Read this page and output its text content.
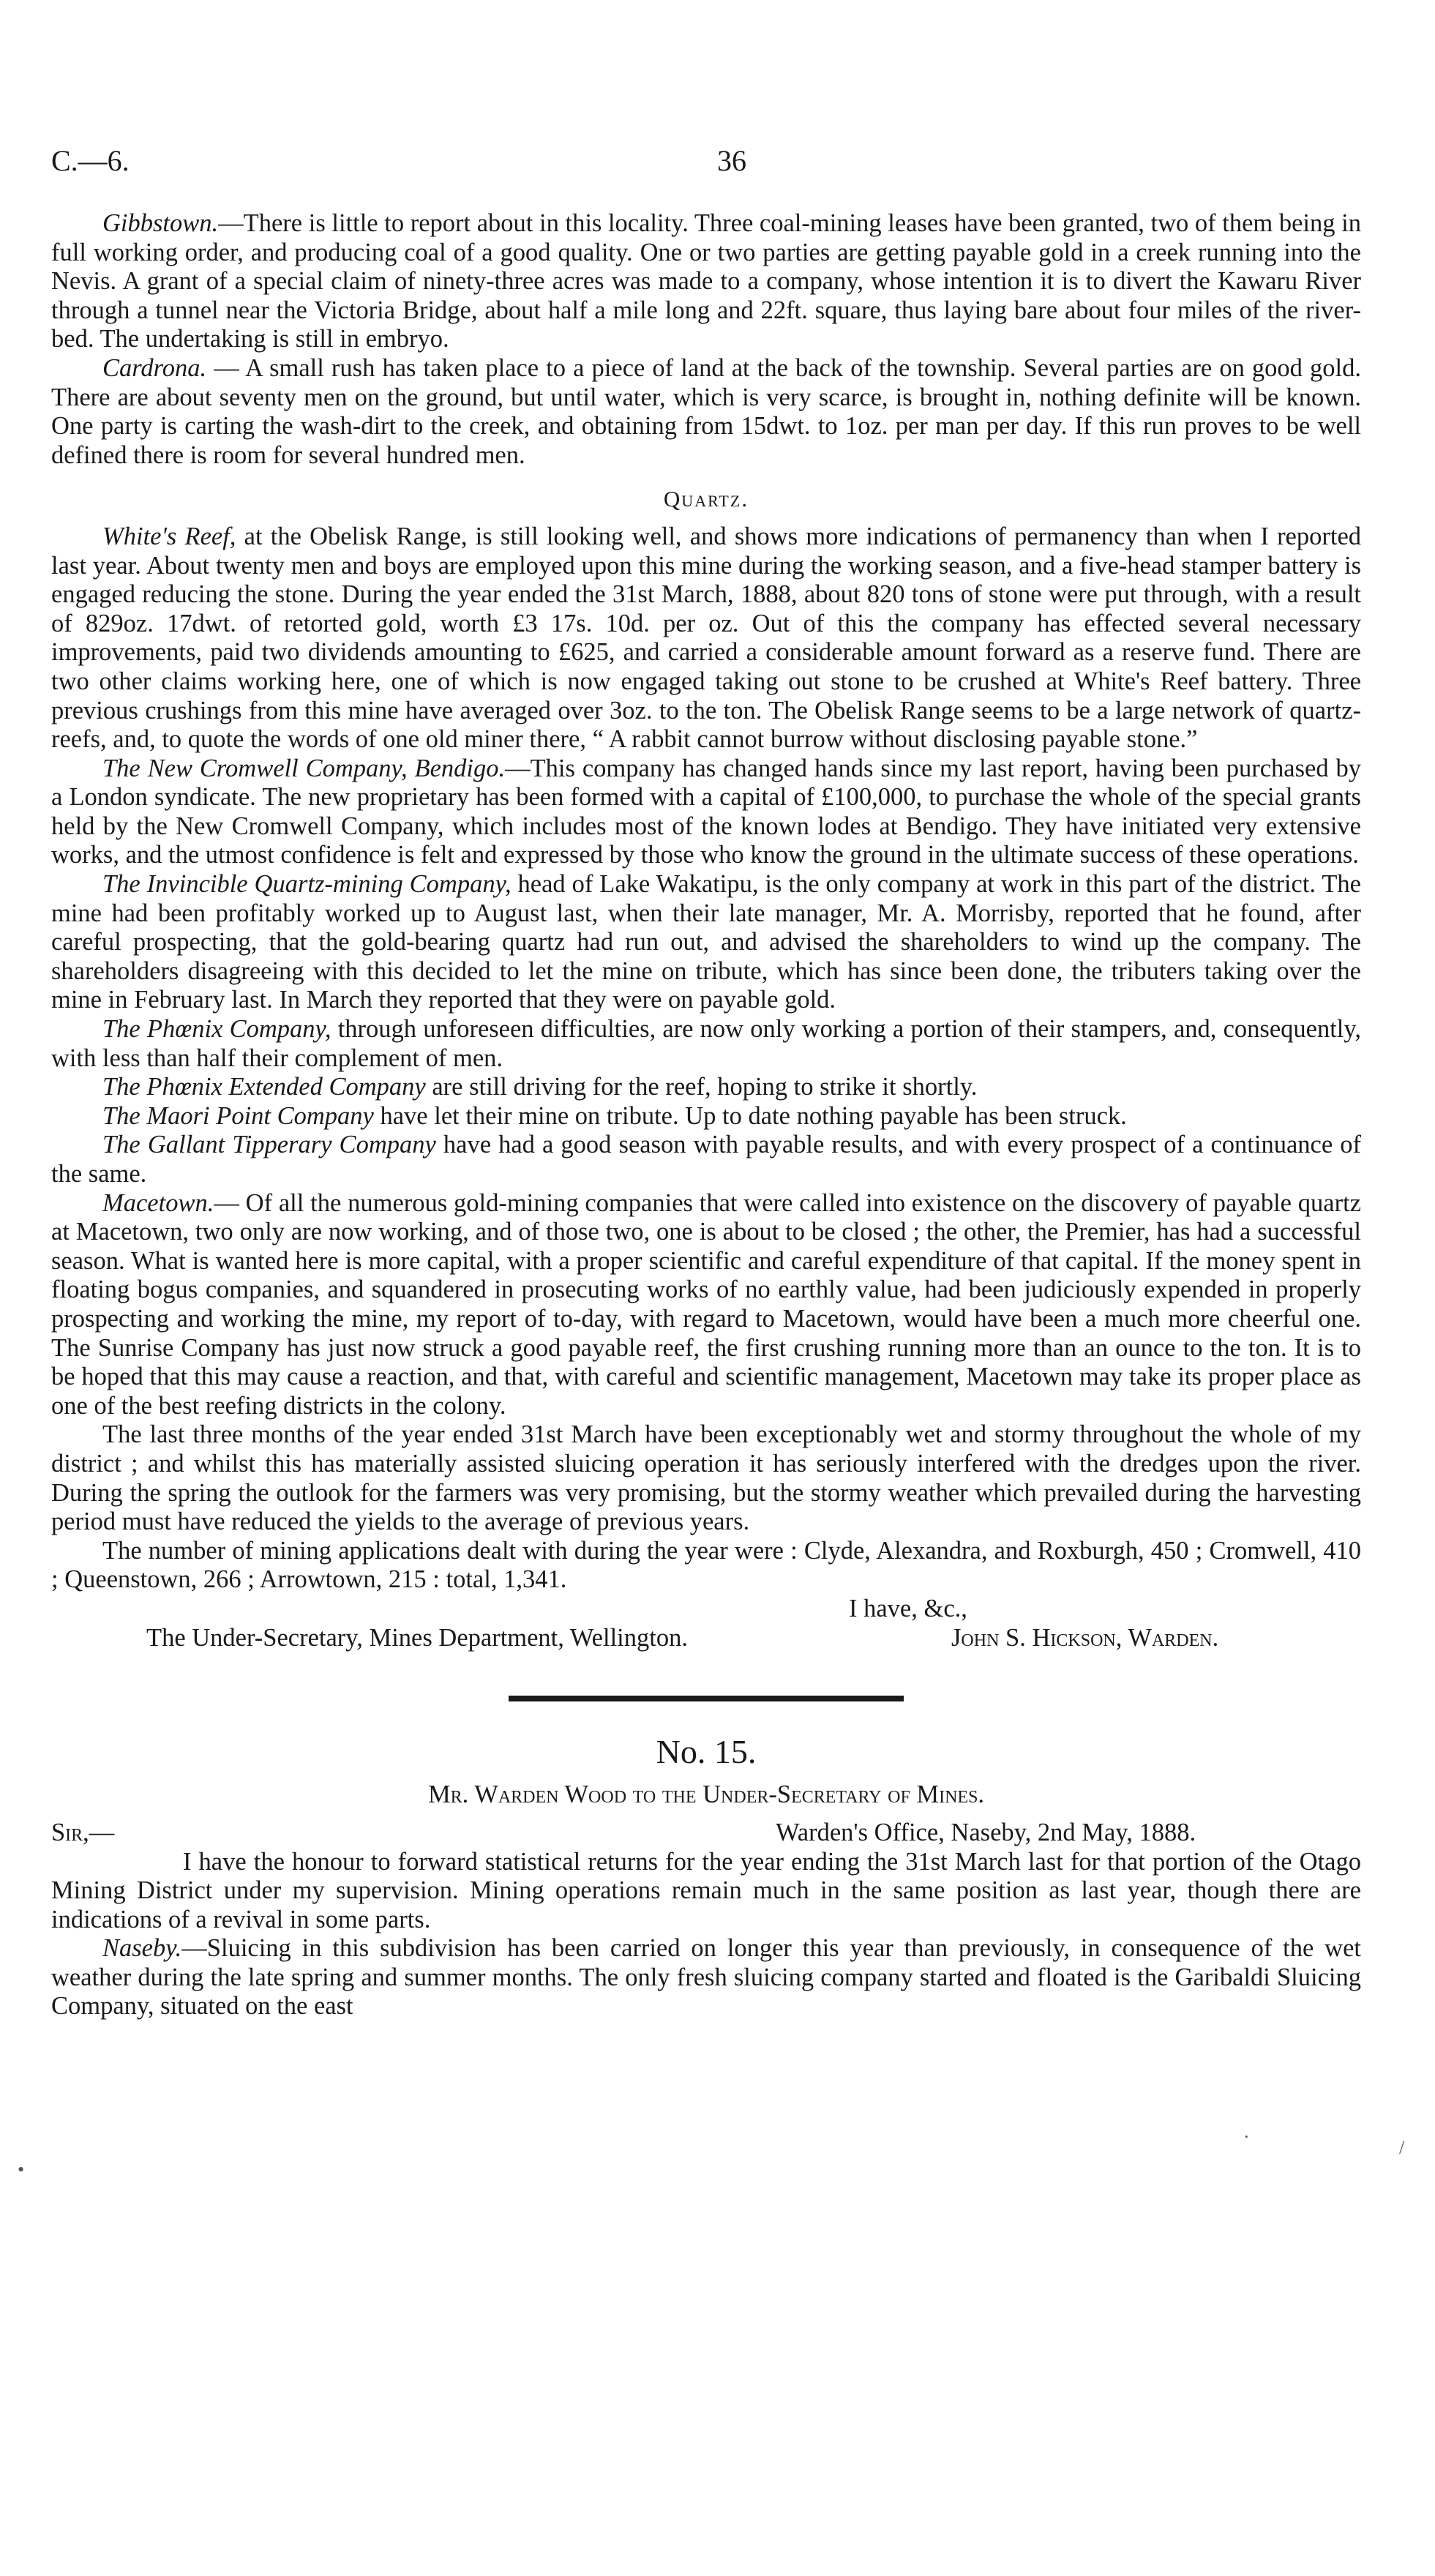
C.—6.	36

Gibbstown.—There is little to report about in this locality. Three coal-mining leases have been granted, two of them being in full working order, and producing coal of a good quality. One or two parties are getting payable gold in a creek running into the Nevis. A grant of a special claim of ninety-three acres was made to a company, whose intention it is to divert the Kawaru River through a tunnel near the Victoria Bridge, about half a mile long and 22ft. square, thus laying bare about four miles of the river-bed. The undertaking is still in embryo.

Cardrona. — A small rush has taken place to a piece of land at the back of the township. Several parties are on good gold. There are about seventy men on the ground, but until water, which is very scarce, is brought in, nothing definite will be known. One party is carting the wash-dirt to the creek, and obtaining from 15dwt. to 1oz. per man per day. If this run proves to be well defined there is room for several hundred men.

Quartz.

White's Reef, at the Obelisk Range, is still looking well, and shows more indications of permanency than when I reported last year. About twenty men and boys are employed upon this mine during the working season, and a five-head stamper battery is engaged reducing the stone. During the year ended the 31st March, 1888, about 820 tons of stone were put through, with a result of 829oz. 17dwt. of retorted gold, worth £3 17s. 10d. per oz. Out of this the company has effected several necessary improvements, paid two dividends amounting to £625, and carried a considerable amount forward as a reserve fund. There are two other claims working here, one of which is now engaged taking out stone to be crushed at White's Reef battery. Three previous crushings from this mine have averaged over 3oz. to the ton. The Obelisk Range seems to be a large network of quartz-reefs, and, to quote the words of one old miner there, “ A rabbit cannot burrow without disclosing payable stone.”

The New Cromwell Company, Bendigo.—This company has changed hands since my last report, having been purchased by a London syndicate. The new proprietary has been formed with a capital of £100,000, to purchase the whole of the special grants held by the New Cromwell Company, which includes most of the known lodes at Bendigo. They have initiated very extensive works, and the utmost confidence is felt and expressed by those who know the ground in the ultimate success of these operations.

The Invincible Quartz-mining Company, head of Lake Wakatipu, is the only company at work in this part of the district. The mine had been profitably worked up to August last, when their late manager, Mr. A. Morrisby, reported that he found, after careful prospecting, that the gold-bearing quartz had run out, and advised the shareholders to wind up the company. The shareholders disagreeing with this decided to let the mine on tribute, which has since been done, the tributers taking over the mine in February last. In March they reported that they were on payable gold.

The Phœnix Company, through unforeseen difficulties, are now only working a portion of their stampers, and, consequently, with less than half their complement of men.

The Phœnix Extended Company are still driving for the reef, hoping to strike it shortly.

The Maori Point Company have let their mine on tribute. Up to date nothing payable has been struck.

The Gallant Tipperary Company have had a good season with payable results, and with every prospect of a continuance of the same.

Macetown.— Of all the numerous gold-mining companies that were called into existence on the discovery of payable quartz at Macetown, two only are now working, and of those two, one is about to be closed ; the other, the Premier, has had a successful season. What is wanted here is more capital, with a proper scientific and careful expenditure of that capital. If the money spent in floating bogus companies, and squandered in prosecuting works of no earthly value, had been judiciously expended in properly prospecting and working the mine, my report of to-day, with regard to Macetown, would have been a much more cheerful one. The Sunrise Company has just now struck a good payable reef, the first crushing running more than an ounce to the ton. It is to be hoped that this may cause a reaction, and that, with careful and scientific management, Macetown may take its proper place as one of the best reefing districts in the colony.

The last three months of the year ended 31st March have been exceptionably wet and stormy throughout the whole of my district ; and whilst this has materially assisted sluicing operation it has seriously interfered with the dredges upon the river. During the spring the outlook for the farmers was very promising, but the stormy weather which prevailed during the harvesting period must have reduced the yields to the average of previous years.

The number of mining applications dealt with during the year were : Clyde, Alexandra, and Roxburgh, 450 ; Cromwell, 410 ; Queenstown, 266 ; Arrowtown, 215 : total, 1,341.

I have, &c.,
The Under-Secretary, Mines Department, Wellington.	John S. Hickson, Warden.
No. 15.
Mr. Warden Wood to the Under-Secretary of Mines.
Sir,—	Warden's Office, Naseby, 2nd May, 1888.

I have the honour to forward statistical returns for the year ending the 31st March last for that portion of the Otago Mining District under my supervision. Mining operations remain much in the same position as last year, though there are indications of a revival in some parts.

Naseby.—Sluicing in this subdivision has been carried on longer this year than previously, in consequence of the wet weather during the late spring and summer months. The only fresh sluicing company started and floated is the Garibaldi Sluicing Company, situated on the east

.
•
/
